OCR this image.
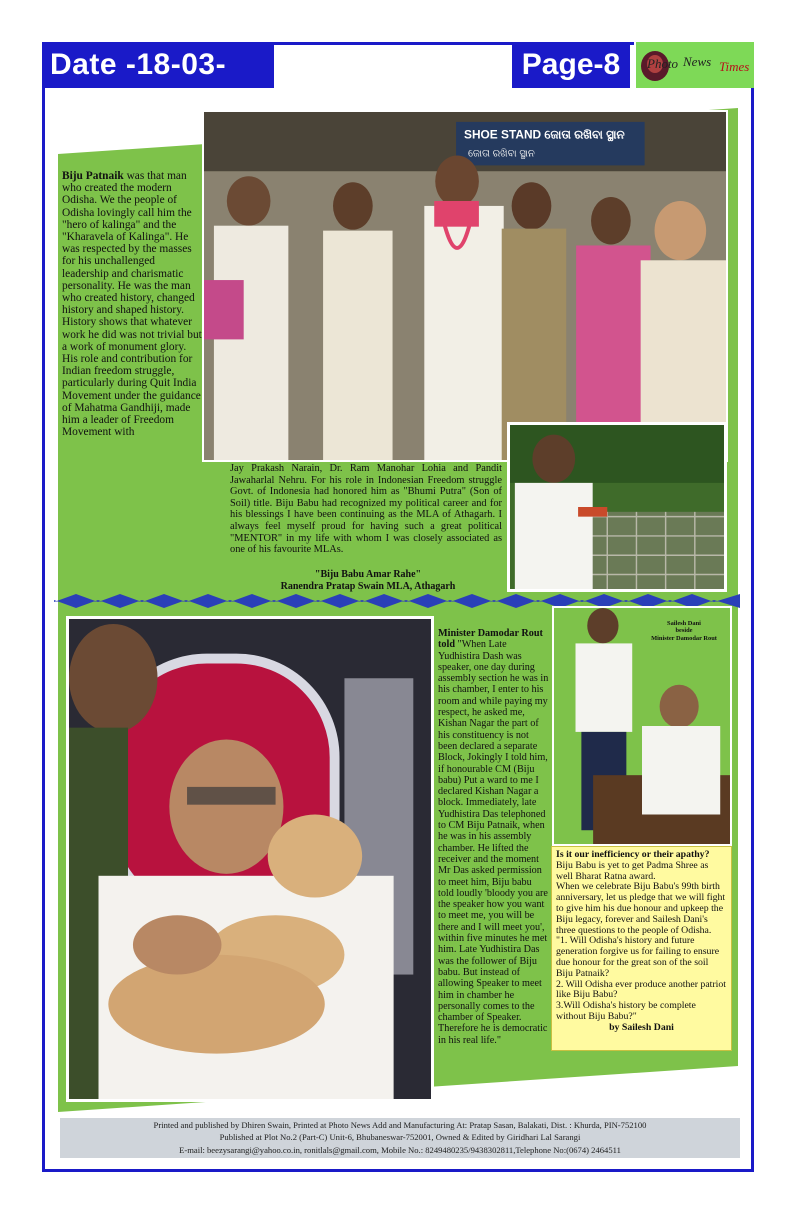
Date -18-03-2025
Page-8	Photo News Times
SHOE STAND ଜୋତା ରଖିବା ସ୍ଥାନ
ଜୋତା ରଖିବା ସ୍ଥାନ
Biju Patnaik was that man who created the modern Odisha. We the people of Odisha lovingly call him the "hero of kalinga" and the "Kharavela of Kalinga". He was respected by the masses for his unchallenged leadership and charismatic personality. He was the man who created history, changed history and shaped history. History shows that whatever work he did was not trivial but a work of monument glory. His role and contribution for Indian freedom struggle, particularly during Quit India Movement under the guidance of Mahatma Gandhiji, made him a leader of Freedom Movement with
Jay Prakash Narain, Dr. Ram Manohar Lohia and Pandit Jawaharlal Nehru. For his role in Indonesian Freedom struggle Govt. of Indonesia had honored him as "Bhumi Putra" (Son of Soil) title. Biju Babu had recognized my political career and for his blessings I have been continuing as the MLA of Athagarh. I always feel myself proud for having such a great political "MENTOR" in my life with whom I was closely associated as one of his favourite MLAs.
"Biju Babu Amar Rahe"
Ranendra Pratap Swain MLA, Athagarh
Minister Damodar Rout told "When Late Yudhistira Dash was speaker, one day during assembly section he was in his chamber, I enter to his room and while paying my respect, he asked me, Kishan Nagar the part of his constituency is not been declared a separate Block, Jokingly I told him, if honourable CM (Biju babu) Put a ward to me I declared Kishan Nagar a block. Immediately, late Yudhistira Das telephoned to CM Biju Patnaik, when he was in his assembly chamber. He lifted the receiver and the moment Mr Das asked permission to meet him, Biju babu told loudly 'bloody you are the speaker how you want to meet me, you will be there and I will meet you', within five minutes he met him. Late Yudhistira Das was the follower of Biju babu. But instead of allowing Speaker to meet him in chamber he personally comes to the chamber of Speaker. Therefore he is democratic in his real life."
Sailesh Dani
beside
Minister Damodar Rout
Is it our inefficiency or their apathy?
Biju Babu is yet to get Padma Shree as well Bharat Ratna award.
When we celebrate Biju Babu's 99th birth anniversary, let us pledge that we will fight to give him his due honour and upkeep the Biju legacy, forever and Sailesh Dani's three questions to the people of Odisha.
"1. Will Odisha's history and future generation forgive us for failing to ensure due honour for the great son of the soil Biju Patnaik?
2. Will Odisha ever produce another patriot like Biju Babu?
3.Will Odisha's history be complete without Biju Babu?"
by Sailesh Dani
Printed and published by Dhiren Swain, Printed at Photo News Add and Manufacturing At: Pratap Sasan, Balakati, Dist. : Khurda, PIN-752100
Published at Plot No.2 (Part-C) Unit-6, Bhubaneswar-752001, Owned & Edited by Giridhari Lal Sarangi
E-mail: beezysarangi@yahoo.co.in, ronitlals@gmail.com, Mobile No.: 8249480235/9438302811,Telephone No:(0674) 2464511
